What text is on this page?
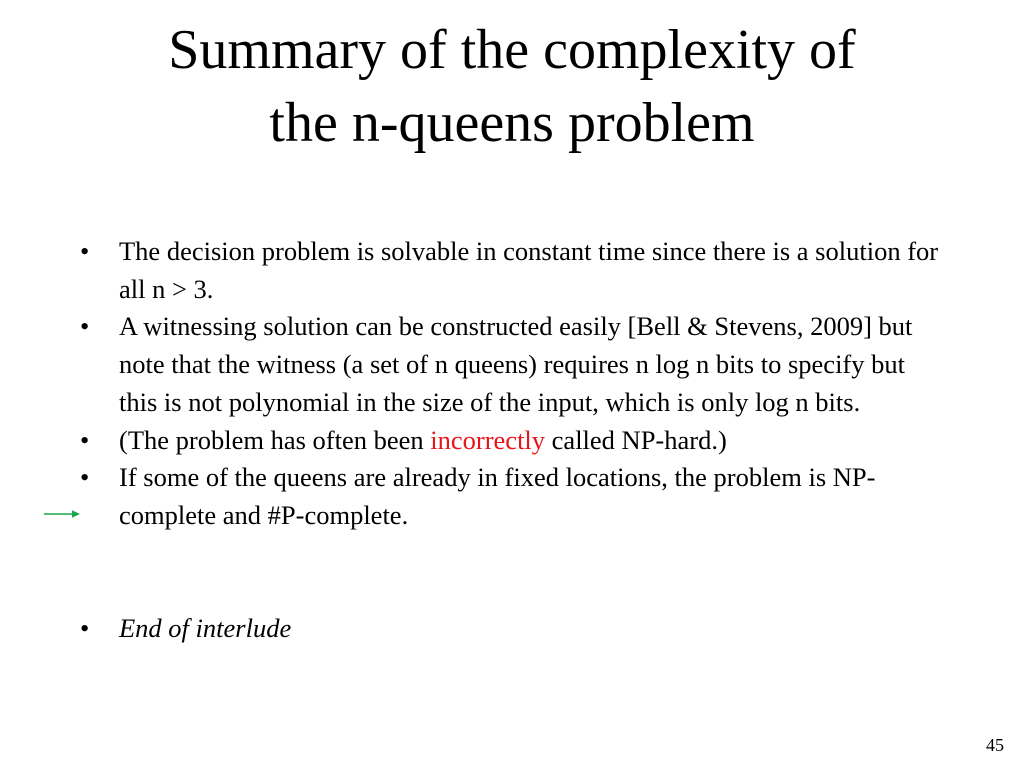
Summary of the complexity of
the n-queens problem
• The decision problem is solvable in constant time since there is a solution for all n > 3.
• A witnessing solution can be constructed easily [Bell & Stevens, 2009] but note that the witness (a set of n queens) requires n log n bits to specify but this is not polynomial in the size of the input, which is only log n bits.
• (The problem has often been incorrectly called NP-hard.)
• If some of the queens are already in fixed locations, the problem is NP-complete and #P-complete.
• End of interlude
45
